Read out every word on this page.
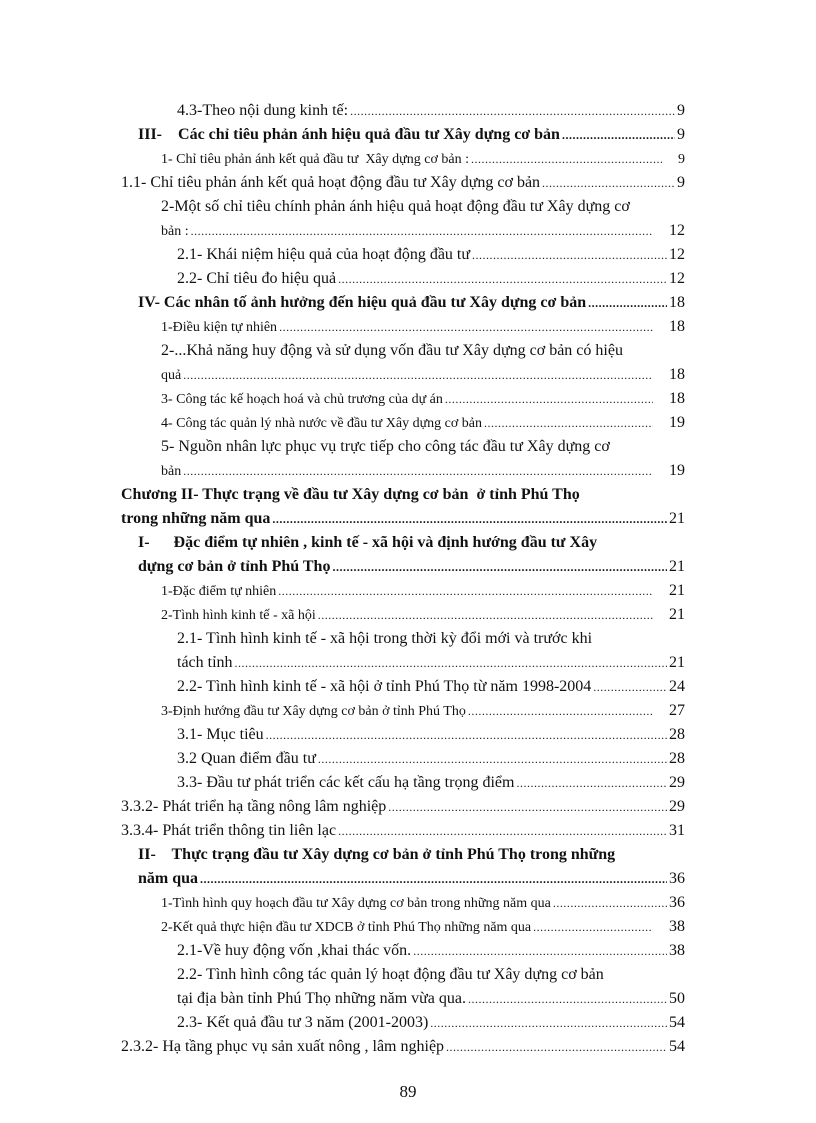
4.3-Theo nội dung kinh tế: .....	9
III-    Các chỉ tiêu phản ánh hiệu quả đầu tư Xây dựng cơ bản .....	9
1- Chỉ tiêu phản ánh kết quả đầu tư  Xây dựng cơ bản : .....	9
1.1- Chỉ tiêu phản ánh kết quả hoạt động đầu tư Xây dựng cơ bản .....	9
2-Một số chỉ tiêu chính phản ánh hiệu quả hoạt động đầu tư Xây dựng cơ
bản : .....	12
2.1- Khái niệm hiệu quả của hoạt động đầu tư .....	12
2.2- Chỉ tiêu đo hiệu quả .....	12
IV- Các nhân tố ảnh hưởng đến hiệu quả đầu tư Xây dựng cơ bản .....	18
1-Điều kiện tự nhiên .....	18
2-...Khả năng huy động và sử dụng vốn đầu tư Xây dựng cơ bản có hiệu
quả .....	18
3- Công tác kế hoạch hoá và chủ trương của dự án .....	18
4- Công tác quản lý nhà nước về đầu tư Xây dựng cơ bản .....	19
5- Nguồn nhân lực phục vụ trực tiếp cho công tác đầu tư Xây dựng cơ
bản .....	19
Chương II- Thực trạng về đầu tư Xây dựng cơ bản  ở tỉnh Phú Thọ
trong những năm qua .....	21
I-      Đặc điểm tự nhiên , kinh tế - xã hội và định hướng đầu tư Xây
dựng cơ bản ở tỉnh Phú Thọ .....	21
1-Đặc điểm tự nhiên .....	21
2-Tình hình kinh tế - xã hội .....	21
2.1- Tình hình kinh tế - xã hội trong thời kỳ đổi mới và trước khi
tách tỉnh .....	21
2.2- Tình hình kinh tế - xã hội ở tỉnh Phú Thọ từ năm 1998-2004 .....	24
3-Định hướng đầu tư Xây dựng cơ bản ở tỉnh Phú Thọ .....	27
3.1- Mục tiêu .....	28
3.2 Quan điểm đầu tư .....	28
3.3- Đầu tư phát triển các kết cấu hạ tầng trọng điểm .....	29
3.3.2- Phát triển hạ tầng nông lâm nghiệp .....	29
3.3.4- Phát triển thông tin liên lạc .....	31
II-    Thực trạng đầu tư Xây dựng cơ bản ở tỉnh Phú Thọ trong những
năm qua .....	36
1-Tình hình quy hoạch đầu tư Xây dựng cơ bản trong những năm qua .....	36
2-Kết quả thực hiện đầu tư XDCB ở tỉnh Phú Thọ những năm qua .....	38
2.1-Về huy động vốn ,khai thác vốn. .....	38
2.2- Tình hình công tác quản lý hoạt động đầu tư Xây dựng cơ bản
tại địa bàn tỉnh Phú Thọ những năm vừa qua. .....	50
2.3- Kết quả đầu tư 3 năm (2001-2003) .....	54
2.3.2- Hạ tầng phục vụ sản xuất nông , lâm nghiệp .....	54
89
